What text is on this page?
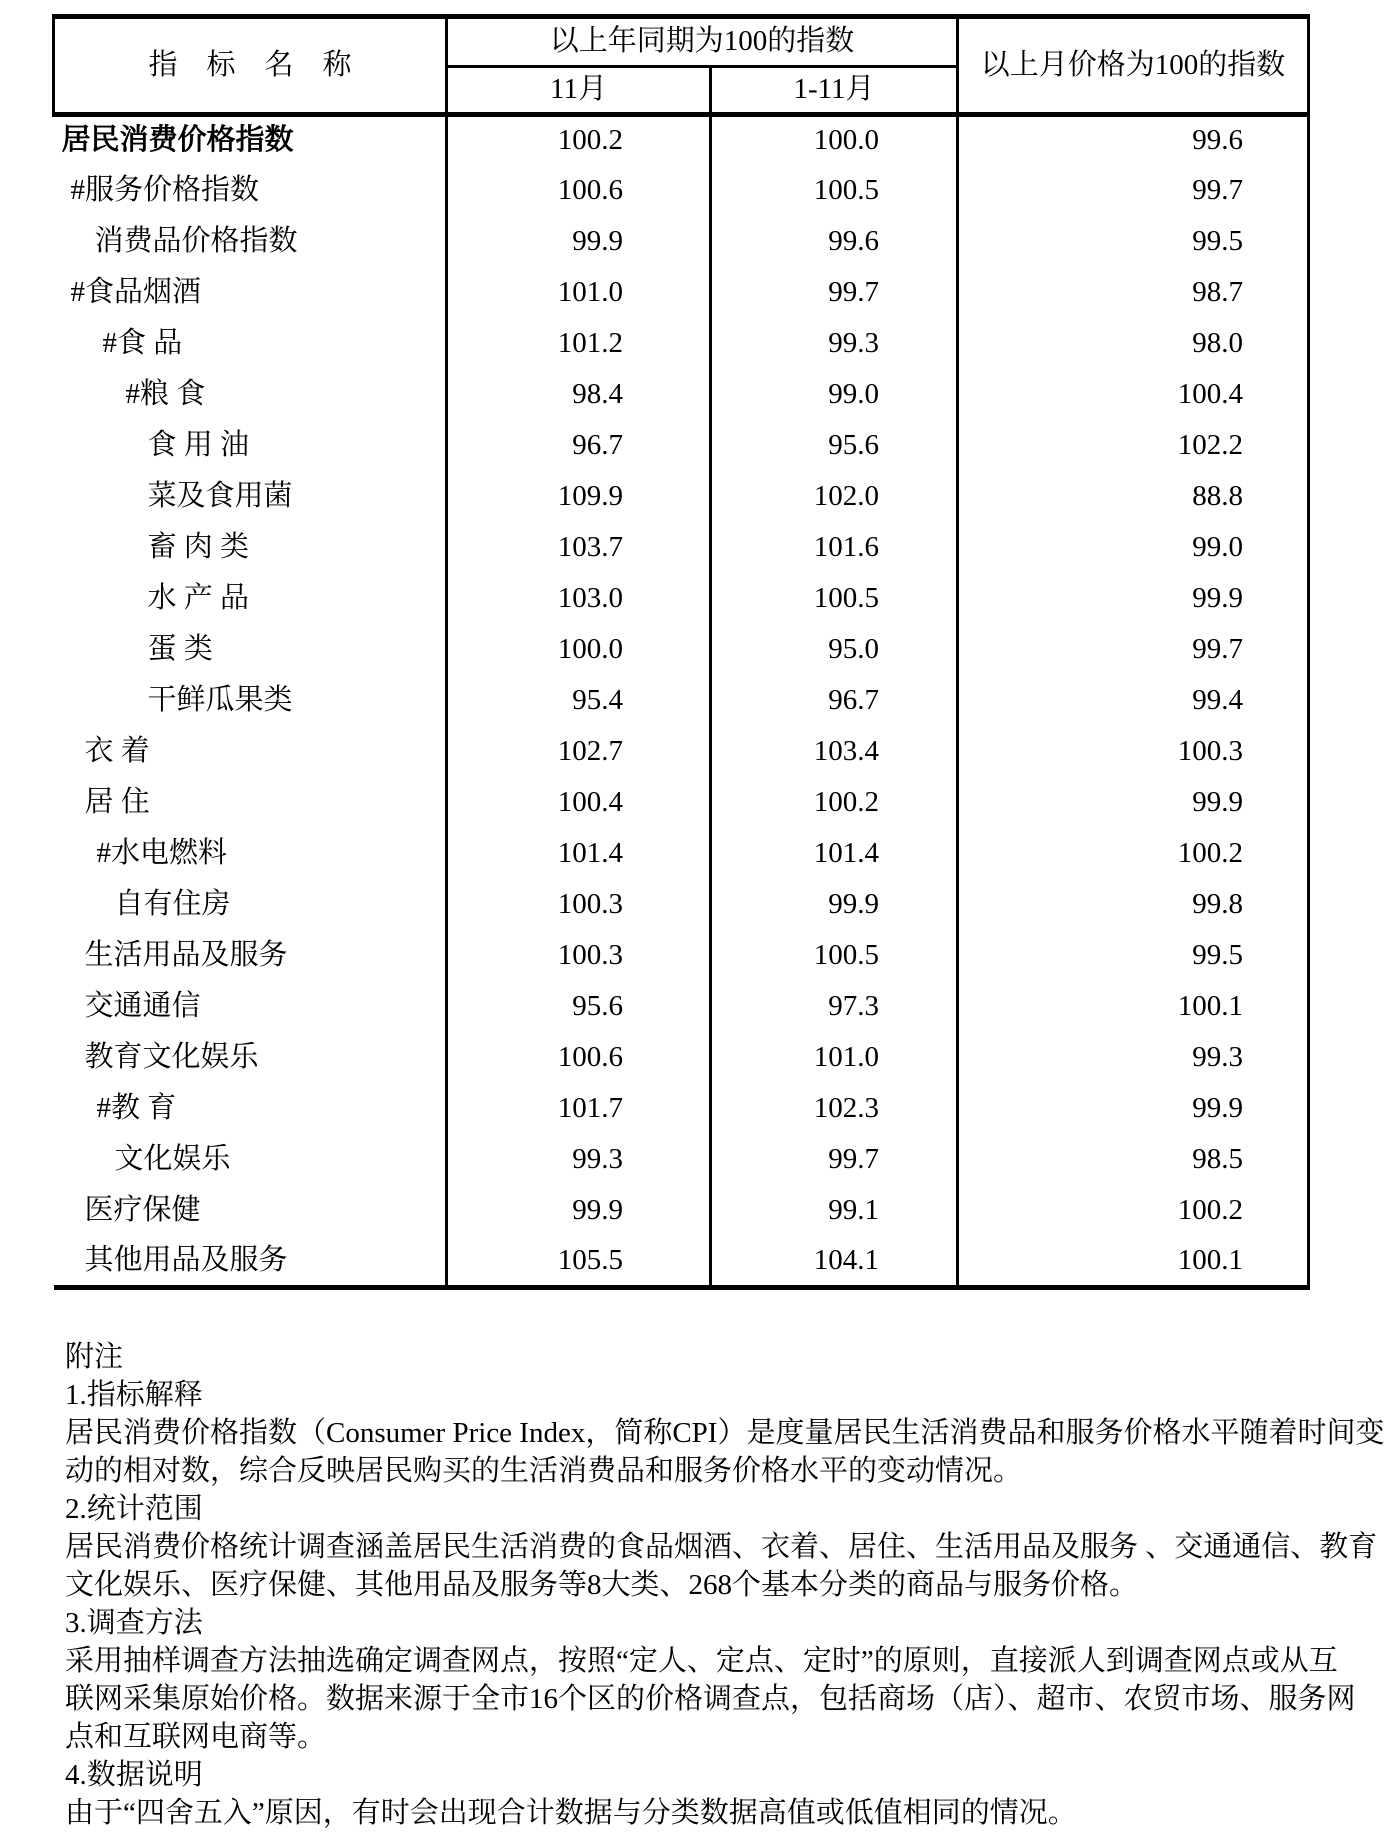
指　标　名　称	以上年同期为100的指数		以上月价格为100的指数
	11月	1-11月	
居民消费价格指数	100.2	100.0	99.6
#服务价格指数	100.6	100.5	99.7
消费品价格指数	99.9	99.6	99.5
#食品烟酒	101.0	99.7	98.7
#食 品	101.2	99.3	98.0
#粮 食	98.4	99.0	100.4
食 用 油	96.7	95.6	102.2
菜及食用菌	109.9	102.0	88.8
畜 肉 类	103.7	101.6	99.0
水 产 品	103.0	100.5	99.9
蛋 类	100.0	95.0	99.7
干鲜瓜果类	95.4	96.7	99.4
衣 着	102.7	103.4	100.3
居 住	100.4	100.2	99.9
#水电燃料	101.4	101.4	100.2
自有住房	100.3	99.9	99.8
生活用品及服务	100.3	100.5	99.5
交通通信	95.6	97.3	100.1
教育文化娱乐	100.6	101.0	99.3
#教 育	101.7	102.3	99.9
文化娱乐	99.3	99.7	98.5
医疗保健	99.9	99.1	100.2
其他用品及服务	105.5	104.1	100.1
附注
1.指标解释
居民消费价格指数（Consumer Price Index，简称CPI）是度量居民生活消费品和服务价格水平随着时间变
动的相对数，综合反映居民购买的生活消费品和服务价格水平的变动情况。
2.统计范围
居民消费价格统计调查涵盖居民生活消费的食品烟酒、衣着、居住、生活用品及服务 、交通通信、教育
文化娱乐、医疗保健、其他用品及服务等8大类、268个基本分类的商品与服务价格。
3.调查方法
采用抽样调查方法抽选确定调查网点，按照“定人、定点、定时”的原则，直接派人到调查网点或从互
联网采集原始价格。数据来源于全市16个区的价格调查点，包括商场（店）、超市、农贸市场、服务网
点和互联网电商等。
4.数据说明
由于“四舍五入”原因，有时会出现合计数据与分类数据高值或低值相同的情况。
